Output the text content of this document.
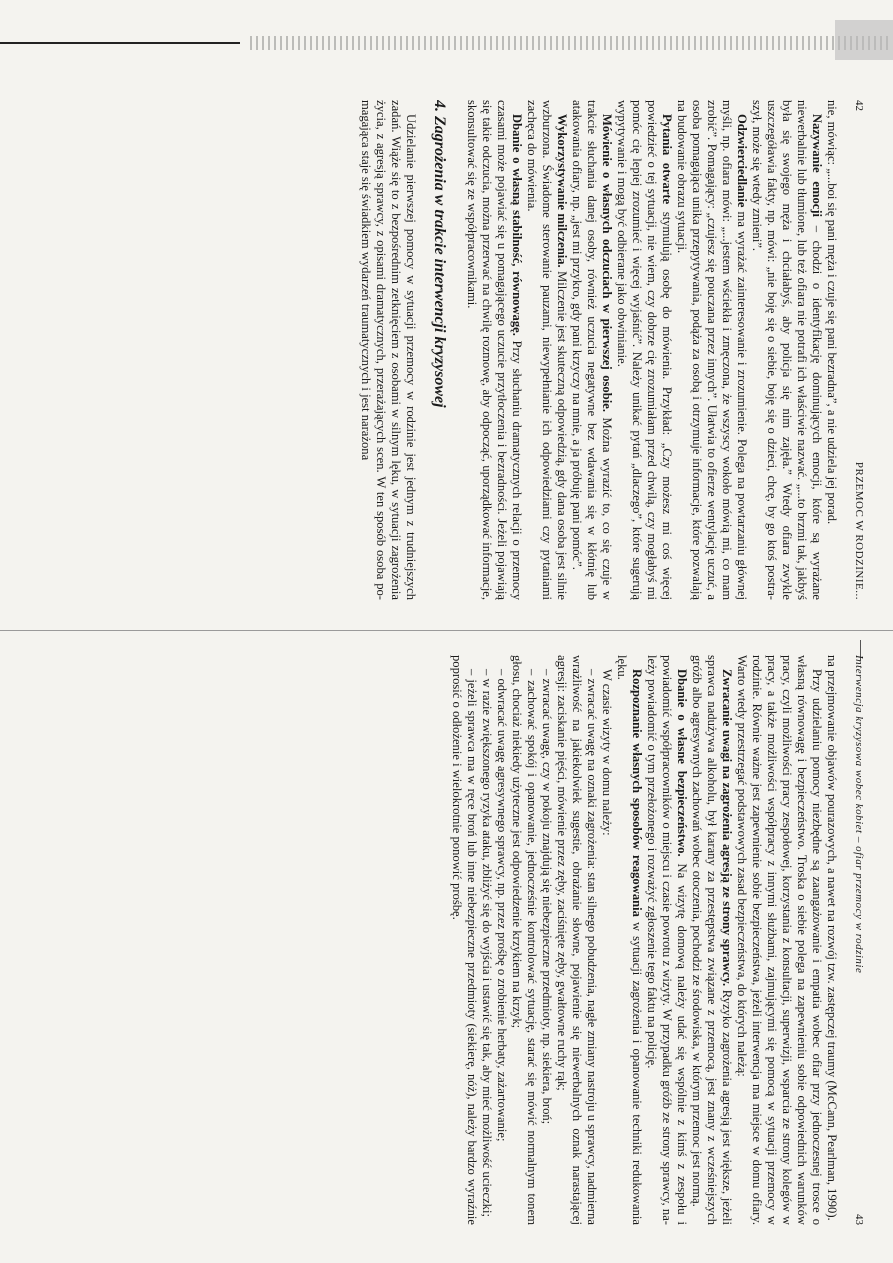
42
PRZEMOC W RODZINIE...

nie, mówiąc: „...boi się pani męża i czuje się pani bezradna”, a nie udziela jej porad.

Nazywanie emocji – chodzi o identyfikację dominujących emocji, które są wyrażane niewerbalnie lub tłumione, lub też ofiara nie potrafi ich właściwie nazwać. „...to brzmi tak, jakbyś była się swojego męża i chciałabyś, aby policja się nim zajęła.” Wtedy ofiara zwykle uszczegóławia fakty, np. mówi: „nie boję się o siebie, boję się o dzieci, chcę, by go ktoś postraszył, może się wtedy zmieni”.

Odzwierciedlanie ma wyrażać zainteresowanie i zrozumienie. Polega na powtarzaniu głównej myśli, np. ofiara mówi: „...jestem wściekła i zmęczona, że wszyscy wokoło mówią mi, co mam zrobić”. Pomagający: „czujesz się pouczana przez innych”. Ułatwia to ofierze wentylację uczuć, a osoba pomagająca unika przepytywania, podąża za osobą i otrzymuje informacje, które pozwalają na budowanie obrazu sytuacji.

Pytania otwarte stymulują osobę do mówienia. Przykład: „Czy możesz mi coś więcej powiedzieć o tej sytuacji, nie wiem, czy dobrze cię zrozumiałam przed chwilą, czy mogłabyś mi pomóc cię lepiej zrozumieć i więcej wyjaśnić”. Należy unikać pytań „dlaczego”, które sugerują wypytywanie i mogą być odbierane jako obwinianie.

Mówienie o własnych odczuciach w pierwszej osobie. Można wyrazić to, co się czuje w trakcie słuchania danej osoby, również uczucia negatywne bez wdawania się w kłótnię lub atakowania ofiary, np. „jest mi przykro, gdy pani krzyczy na mnie, a ja próbuję pani pomóc”.

Wykorzystywanie milczenia. Milczenie jest skuteczną odpowiedzią, gdy dana osoba jest silnie wzburzona. Świadome sterowanie pauzami, niewypełnianie ich odpowiedziami czy pytaniami zachęca do mówienia.

Dbanie o własną stabilność, równowagę. Przy słuchaniu dramatycznych relacji o przemocy czasami może pojawiać się u pomagającego uczucie przytłoczenia i bezradności. Jeżeli pojawiają się takie odczucia, można przerwać na chwilę rozmowę, aby odpocząć, uporządkować informacje, skonsultować się ze współpracownikami.

4. Zagrożenia w trakcie interwencji kryzysowej

Udzielanie pierwszej pomocy w sytuacji przemocy w rodzinie jest jednym z trudniejszych zadań. Wiąże się to z bezpośrednim zetknięciem z osobami w silnym lęku, w sytuacji zagrożenia życia, z agresją sprawcy, z opisami dramatycznych, przerażających scen. W ten sposób osoba pomagająca staje się świadkiem wydarzeń traumatycznych i jest narażona

Interwencja kryzysowa wobec kobiet – ofiar przemocy w rodzinie
43

na przejmowanie objawów pourazowych, a nawet na rozwój tzw. zastępczej traumy (McCann, Pearlman, 1990).

Przy udzielaniu pomocy niezbędne są zaangażowanie i empatia wobec ofiar przy jednoczesnej trosce o własną równowagę i bezpieczeństwo. Troska o siebie polega na zapewnieniu sobie odpowiednich warunków pracy, czyli możliwości pracy zespołowej, korzystania z konsultacji, superwizji, wsparcia ze strony kolegów w pracy, a także możliwości współpracy z innymi służbami, zajmującymi się pomocą w sytuacji przemocy w rodzinie. Równie ważne jest zapewnienie sobie bezpieczeństwa, jeżeli interwencja ma miejsce w domu ofiary. Warto wtedy przestrzegać podstawowych zasad bezpieczeństwa, do których należą:

Zwracanie uwagi na zagrożenia agresją ze strony sprawcy. Ryzyko zagrożenia agresją jest większe, jeżeli sprawca nadużywa alkoholu, był karany za przestępstwa związane z przemocą, jest znany z wcześniejszych gróźb albo agresywnych zachowań wobec otoczenia, pochodzi ze środowiska, w którym przemoc jest normą.

Dbanie o własne bezpieczeństwo. Na wizytę domową należy udać się wspólnie z kimś z zespołu i powiadomić współpracowników o miejscu i czasie powrotu z wizyty. W przypadku gróźb ze strony sprawcy, należy powiadomić o tym przełożonego i rozważyć zgłoszenie tego faktu na policję.

Rozpoznanie własnych sposobów reagowania w sytuacji zagrożenia i opanowanie techniki redukowania lęku.

W czasie wizyty w domu należy:

– zwracać uwagę na oznaki zagrożenia: stan silnego pobudzenia, nagłe zmiany nastroju u sprawcy, nadmierna wrażliwość na jakiekolwiek sugestie, obrażanie słowne, pojawienie się niewerbalnych oznak narastającej agresji: zaciskanie pięści, mówienie przez zęby, zaciśnięte zęby, gwałtowne ruchy rąk;

– zwracać uwagę, czy w pokoju znajdują się niebezpieczne przedmioty, np. siekiera, broń;

– zachować spokój i opanowanie, jednocześnie kontrolować sytuację, starać się mówić normalnym tonem głosu, chociaż niekiedy użyteczne jest odpowiedzenie krzykiem na krzyk;

– odwracać uwagę agresywnego sprawcy, np. przez prośbę o zrobienie herbaty, zażartowanie;

– w razie zwiększonego ryzyka ataku, zbliżyć się do wyjścia i ustawić się tak, aby mieć możliwość ucieczki;

– jeżeli sprawca ma w ręce broń lub inne niebezpieczne przedmioty (siekierę, nóż), należy bardzo wyraźnie poprosić o odłożenie i wielokrotnie ponowić prośbę.
